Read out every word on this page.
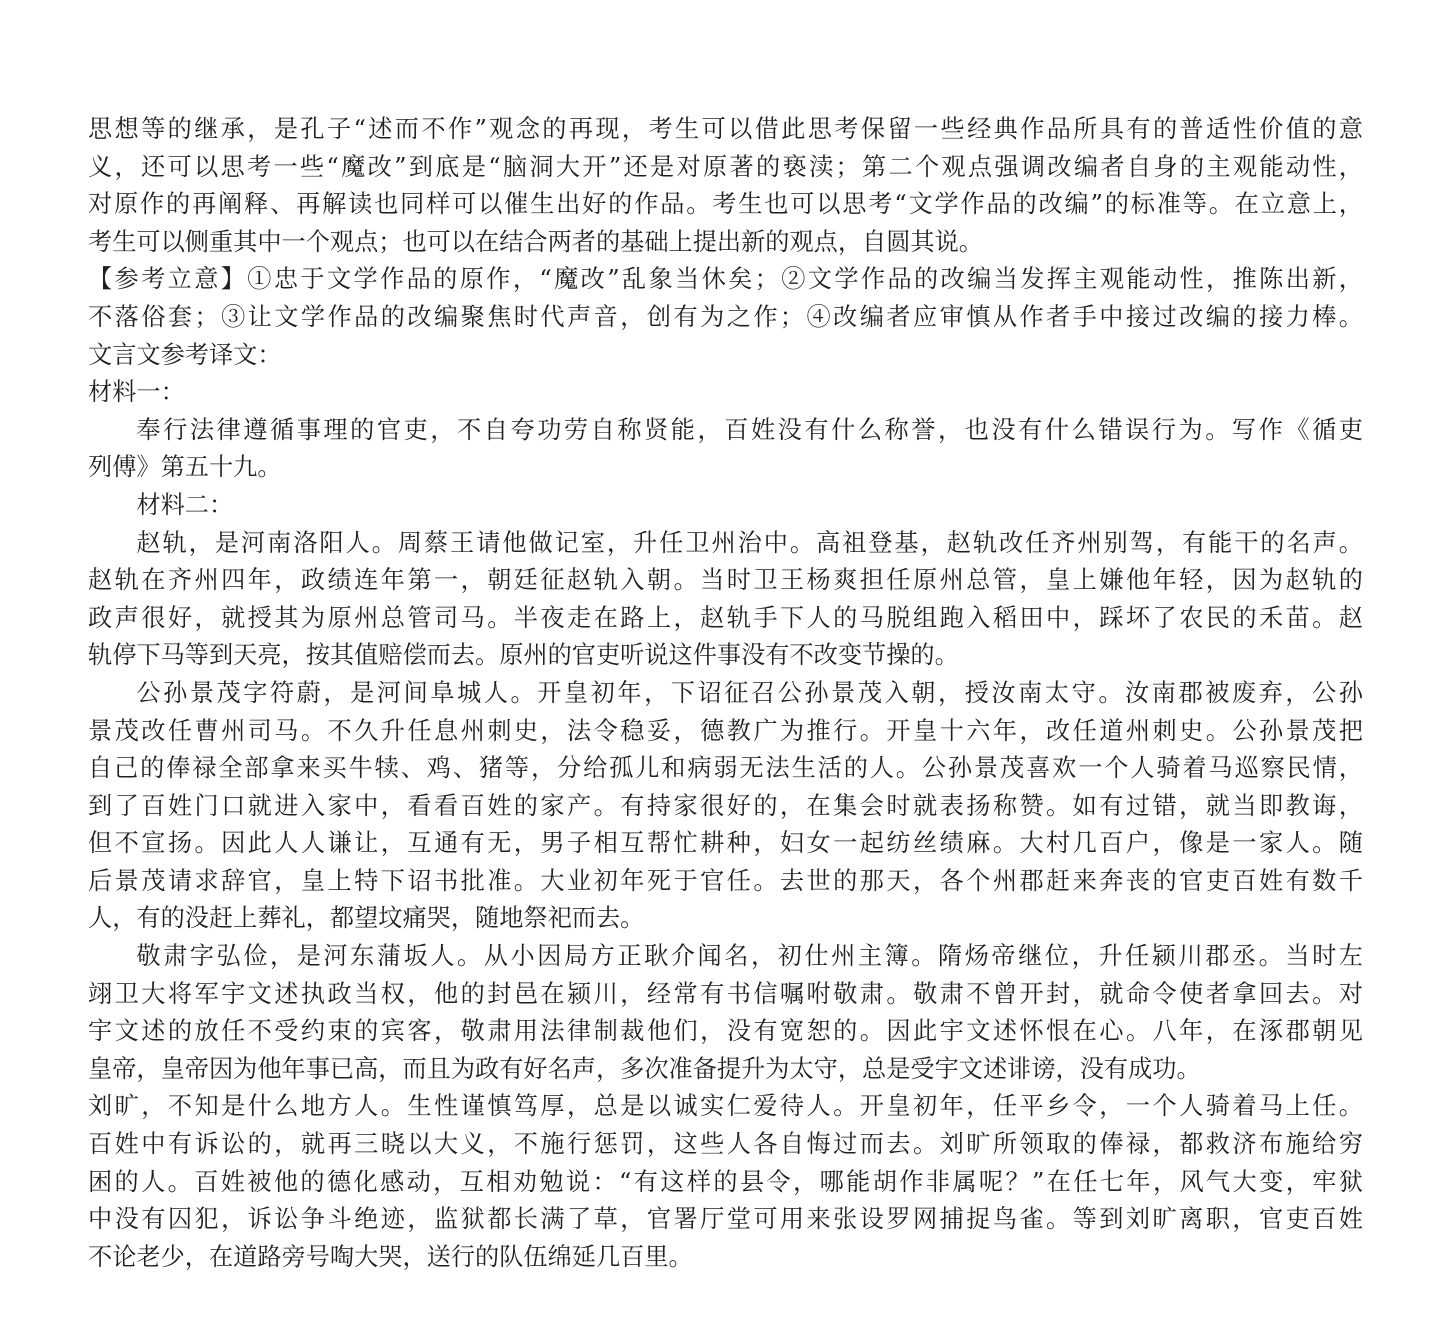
思想等的继承，是孔子“述而不作”观念的再现，考生可以借此思考保留一些经典作品所具有的普适性价值的意
义，还可以思考一些“魔改”到底是“脑洞大开”还是对原著的亵渎；第二个观点强调改编者自身的主观能动性，
对原作的再阐释、再解读也同样可以催生出好的作品。考生也可以思考“文学作品的改编”的标准等。在立意上，
考生可以侧重其中一个观点；也可以在结合两者的基础上提出新的观点，自圆其说。

【参考立意】①忠于文学作品的原作，“魔改”乱象当休矣；②文学作品的改编当发挥主观能动性，推陈出新，
不落俗套；③让文学作品的改编聚焦时代声音，创有为之作；④改编者应审慎从作者手中接过改编的接力棒。

文言文参考译文：

材料一：

奉行法律遵循事理的官吏，不自夸功劳自称贤能，百姓没有什么称誉，也没有什么错误行为。写作《循吏
列傅》第五十九。

材料二：

赵轨，是河南洛阳人。周蔡王请他做记室，升任卫州治中。高祖登基，赵轨改任齐州别驾，有能干的名声。
赵轨在齐州四年，政绩连年第一，朝廷征赵轨入朝。当时卫王杨爽担任原州总管，皇上嫌他年轻，因为赵轨的
政声很好，就授其为原州总管司马。半夜走在路上，赵轨手下人的马脱组跑入稻田中，踩坏了农民的禾苗。赵
轨停下马等到天亮，按其值赔偿而去。原州的官吏听说这件事没有不改变节操的。

公孙景茂字符蔚，是河间阜城人。开皇初年，下诏征召公孙景茂入朝，授汝南太守。汝南郡被废弃，公孙
景茂改任曹州司马。不久升任息州刺史，法令稳妥，德教广为推行。开皇十六年，改任道州刺史。公孙景茂把
自己的俸禄全部拿来买牛犊、鸡、猪等，分给孤儿和病弱无法生活的人。公孙景茂喜欢一个人骑着马巡察民情，
到了百姓门口就进入家中，看看百姓的家产。有持家很好的，在集会时就表扬称赞。如有过错，就当即教诲，
但不宣扬。因此人人谦让，互通有无，男子相互帮忙耕种，妇女一起纺丝绩麻。大村几百户，像是一家人。随
后景茂请求辞官，皇上特下诏书批准。大业初年死于官任。去世的那天，各个州郡赶来奔丧的官吏百姓有数千
人，有的没赶上葬礼，都望坟痛哭，随地祭祀而去。

敬肃字弘俭，是河东蒲坂人。从小因局方正耿介闻名，初仕州主簿。隋炀帝继位，升任颍川郡丞。当时左
翊卫大将军宇文述执政当权，他的封邑在颍川，经常有书信嘱咐敬肃。敬肃不曾开封，就命令使者拿回去。对
宇文述的放任不受约束的宾客，敬肃用法律制裁他们，没有宽恕的。因此宇文述怀恨在心。八年，在涿郡朝见
皇帝，皇帝因为他年事已高，而且为政有好名声，多次准备提升为太守，总是受宇文述诽谤，没有成功。

刘旷，不知是什么地方人。生性谨慎笃厚，总是以诚实仁爱待人。开皇初年，任平乡令，一个人骑着马上任。
百姓中有诉讼的，就再三晓以大义，不施行惩罚，这些人各自悔过而去。刘旷所领取的俸禄，都救济布施给穷
困的人。百姓被他的德化感动，互相劝勉说：“有这样的县令，哪能胡作非属呢？”在任七年，风气大变，牢狱
中没有囚犯，诉讼争斗绝迹，监狱都长满了草，官署厅堂可用来张设罗网捕捉鸟雀。等到刘旷离职，官吏百姓
不论老少，在道路旁号啕大哭，送行的队伍绵延几百里。
